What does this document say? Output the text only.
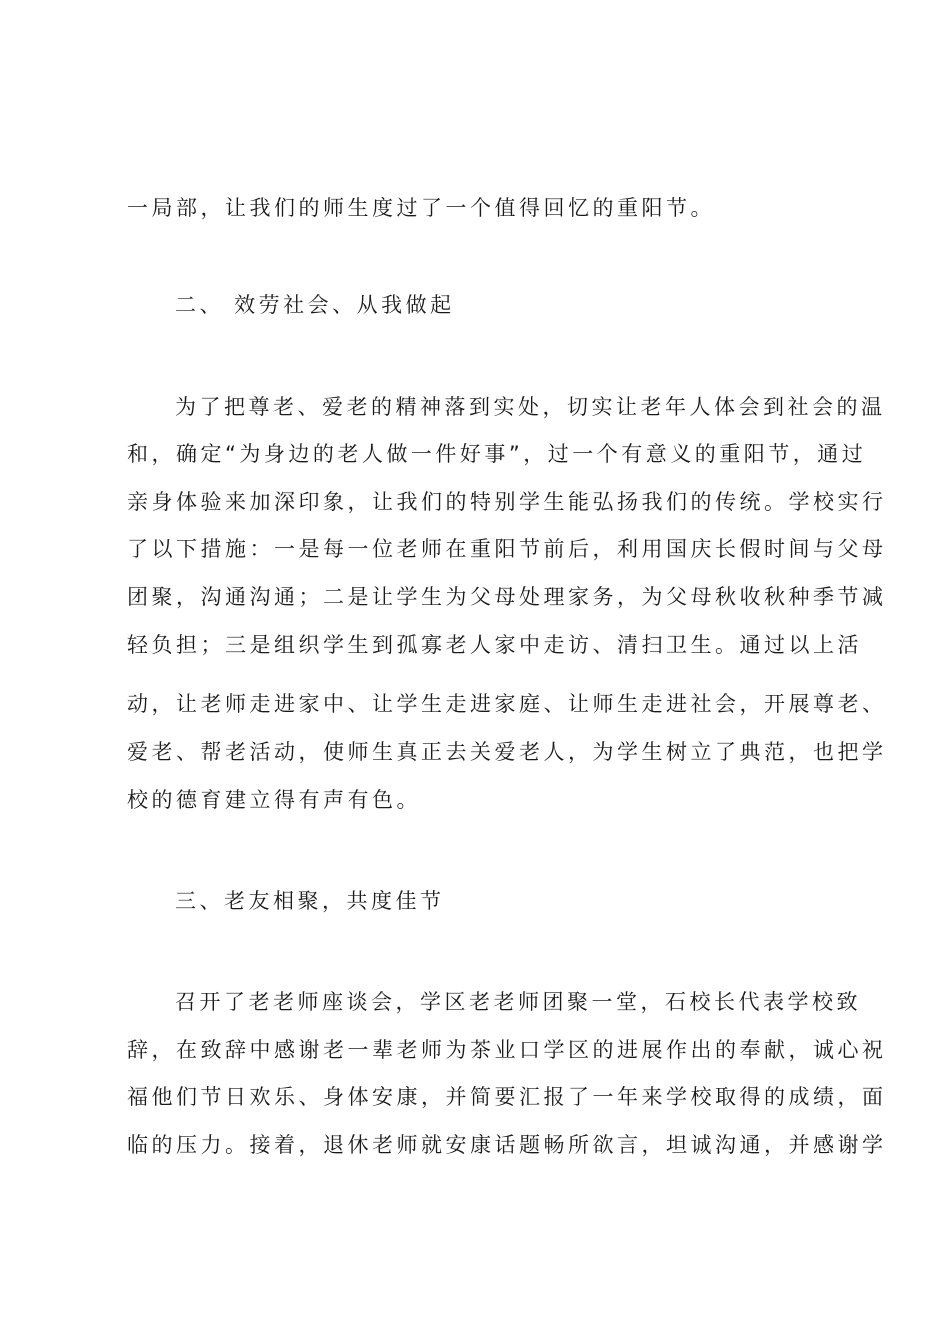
一局部，让我们的师生度过了一个值得回忆的重阳节。
二、 效劳社会、从我做起
为了把尊老、爱老的精神落到实处，切实让老年人体会到社会的温
和，确定“为身边的老人做一件好事”，过一个有意义的重阳节，通过
亲身体验来加深印象，让我们的特别学生能弘扬我们的传统。学校实行
了以下措施：一是每一位老师在重阳节前后，利用国庆长假时间与父母
团聚，沟通沟通；二是让学生为父母处理家务，为父母秋收秋种季节减
轻负担；三是组织学生到孤寡老人家中走访、清扫卫生。通过以上活
动，让老师走进家中、让学生走进家庭、让师生走进社会，开展尊老、
爱老、帮老活动，使师生真正去关爱老人，为学生树立了典范，也把学
校的德育建立得有声有色。
三、老友相聚，共度佳节
召开了老老师座谈会，学区老老师团聚一堂，石校长代表学校致
辞，在致辞中感谢老一辈老师为茶业口学区的进展作出的奉献，诚心祝
福他们节日欢乐、身体安康，并简要汇报了一年来学校取得的成绩，面
临的压力。接着，退休老师就安康话题畅所欲言，坦诚沟通，并感谢学
